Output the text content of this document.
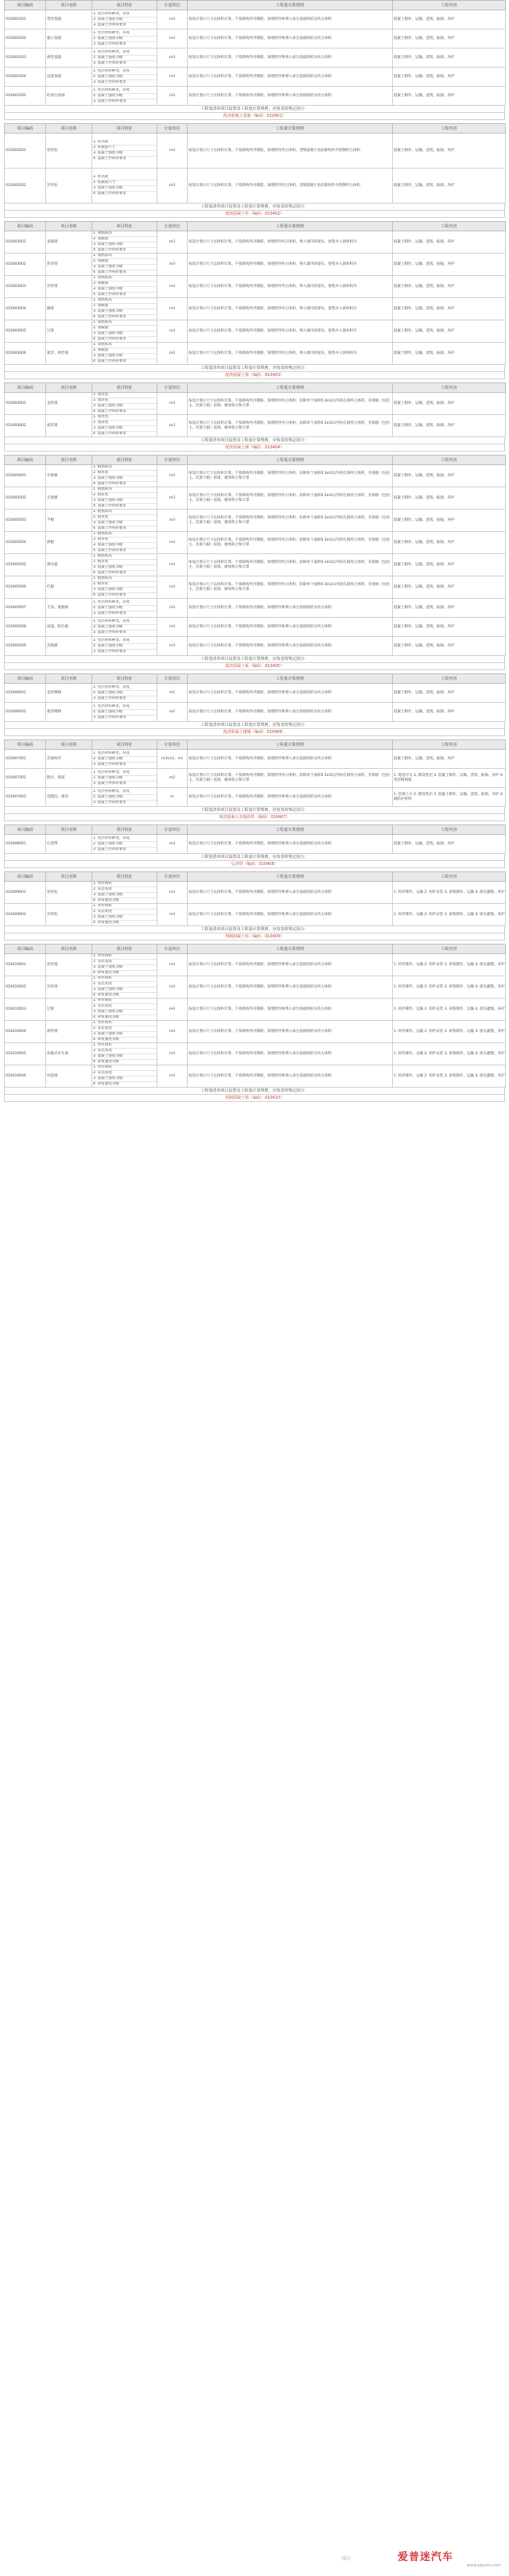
项目编码	项目名称	项目特征	计量单位	工程量计算规则	工程内容
010401001	带形基础	1. 垫层材料种类、厚度
2. 混凝土强度等级
3. 混凝土拌和料要求	m3	按设计图示尺寸以体积计算。不扣除构件内钢筋、预埋铁件和伸入承台基础的桩头所占体积	混凝土制作、运输、浇筑、振捣、养护

010401002	独立基础	1. 垫层材料种类、厚度
2. 混凝土强度等级
3. 混凝土拌和料要求	m3	按设计图示尺寸以体积计算。不扣除构件内钢筋、预埋铁件和伸入承台基础的桩头所占体积	混凝土制作、运输、浇筑、振捣、养护

010401003	满堂基础	1. 垫层材料种类、厚度
2. 混凝土强度等级
3. 混凝土拌和料要求	m3	按设计图示尺寸以体积计算。不扣除构件内钢筋、预埋铁件和伸入承台基础的桩头所占体积	混凝土制作、运输、浇筑、振捣、养护

010401004	设备基础	1. 垫层材料种类、厚度
2. 混凝土强度等级
3. 混凝土拌和料要求	m3	按设计图示尺寸以体积计算。不扣除构件内钢筋、预埋铁件和伸入承台基础的桩头所占体积	混凝土制作、运输、浇筑、振捣、养护

010401005	桩承台基础	1. 垫层材料种类、厚度
2. 混凝土强度等级
3. 混凝土拌和料要求	m3	按设计图示尺寸以体积计算。不扣除构件内钢筋、预埋铁件和伸入承台基础的桩头所占体积	混凝土制作、运输、浇筑、振捣、养护
工程量清单项目设置及工程量计算规则，应按表的规定执行：
现浇混凝土基础（编码：010401）
项目编码	项目名称	项目特征	计量单位	工程量计算规则	工程内容
010402001	矩形柱	1. 柱高度
2. 柱截面尺寸
3. 混凝土强度等级
4. 混凝土拌和料要求	m3	按设计图示尺寸以体积计算。不扣除构件内钢筋、预埋铁件所占体积。型钢混凝土柱扣除构件内型钢所占体积	混凝土制作、运输、浇筑、振捣、养护

010402002	异形柱	1. 柱高度
2. 柱截面尺寸
3. 混凝土强度等级
4. 混凝土拌和料要求	m3	按设计图示尺寸以体积计算。不扣除构件内钢筋、预埋铁件所占体积。型钢混凝土柱扣除构件内型钢所占体积	混凝土制作、运输、浇筑、振捣、养护
工程量清单项目设置及工程量计算规则，应按表的规定执行：
现浇混凝土柱（编码：010402）
项目编码	项目名称	项目特征	计量单位	工程量计算规则	工程内容
010403001	基础梁	1. 梁底标高
2. 梁截面
3. 混凝土强度等级
4. 混凝土拌和料要求	m3	按设计图示尺寸以体积计算。不扣除构件内钢筋、预埋铁件所占体积，伸入墙内的梁头、梁垫并入梁体积内	混凝土制作、运输、浇筑、振捣、养护

010403002	矩形梁	1. 梁底标高
2. 梁截面
3. 混凝土强度等级
4. 混凝土拌和料要求	m3	按设计图示尺寸以体积计算。不扣除构件内钢筋、预埋铁件所占体积，伸入墙内的梁头、梁垫并入梁体积内	混凝土制作、运输、浇筑、振捣、养护

010403003	异形梁	1. 梁底标高
2. 梁截面
3. 混凝土强度等级
4. 混凝土拌和料要求	m3	按设计图示尺寸以体积计算。不扣除构件内钢筋、预埋铁件所占体积，伸入墙内的梁头、梁垫并入梁体积内	混凝土制作、运输、浇筑、振捣、养护

010403004	圈梁	1. 梁底标高
2. 梁截面
3. 混凝土强度等级
4. 混凝土拌和料要求	m3	按设计图示尺寸以体积计算。不扣除构件内钢筋、预埋铁件所占体积，伸入墙内的梁头、梁垫并入梁体积内	混凝土制作、运输、浇筑、振捣、养护

010403005	过梁	1. 梁底标高
2. 梁截面
3. 混凝土强度等级
4. 混凝土拌和料要求	m3	按设计图示尺寸以体积计算。不扣除构件内钢筋、预埋铁件所占体积，伸入墙内的梁头、梁垫并入梁体积内	混凝土制作、运输、浇筑、振捣、养护

010403006	弧形、拱形梁	1. 梁底标高
2. 梁截面
3. 混凝土强度等级
4. 混凝土拌和料要求	m3	按设计图示尺寸以体积计算。不扣除构件内钢筋、预埋铁件所占体积，伸入墙内的梁头、梁垫并入梁体积内	混凝土制作、运输、浇筑、振捣、养护
工程量清单项目设置及工程量计算规则，应按表的规定执行：
现浇混凝土梁（编码：010403）
项目编码	项目名称	项目特征	计量单位	工程量计算规则	工程内容
010404001	直形墙	1. 墙类型
2. 墙厚度
3. 混凝土强度等级
4. 混凝土拌和料要求	m3	按设计图示尺寸以体积计算。不扣除构件内钢筋、预埋铁件所占体积；扣除单个面积0.3m2以外的孔洞所占体积，有梁板（包括主、次梁与板）按梁、板体积之和计算	混凝土制作、运输、浇筑、振捣、养护

010404002	弧形墙	1. 墙类型
2. 墙厚度
3. 混凝土强度等级
4. 混凝土拌和料要求	m3	按设计图示尺寸以体积计算。不扣除构件内钢筋、预埋铁件所占体积；扣除单个面积0.3m2以外的孔洞所占体积，有梁板（包括主、次梁与板）按梁、板体积之和计算	混凝土制作、运输、浇筑、振捣、养护
工程量清单项目设置及工程量计算规则，应按表的规定执行：
现浇混凝土墙（编码：010404）
项目编码	项目名称	项目特征	计量单位	工程量计算规则	工程内容
010405001	有梁板	1. 板底标高
2. 板厚度
3. 混凝土强度等级
4. 混凝土拌和料要求	m3	按设计图示尺寸以体积计算。不扣除构件内钢筋、预埋铁件所占体积；扣除单个面积0.3m2以外的孔洞所占体积，有梁板（包括主、次梁与板）按梁、板体积之和计算	混凝土制作、运输、浇筑、振捣、养护

010405002	无梁板	1. 板底标高
2. 板厚度
3. 混凝土强度等级
4. 混凝土拌和料要求	m3	按设计图示尺寸以体积计算。不扣除构件内钢筋、预埋铁件所占体积；扣除单个面积0.3m2以外的孔洞所占体积，有梁板（包括主、次梁与板）按梁、板体积之和计算	混凝土制作、运输、浇筑、振捣、养护

010405003	平板	1. 板底标高
2. 板厚度
3. 混凝土强度等级
4. 混凝土拌和料要求	m3	按设计图示尺寸以体积计算。不扣除构件内钢筋、预埋铁件所占体积；扣除单个面积0.3m2以外的孔洞所占体积，有梁板（包括主、次梁与板）按梁、板体积之和计算	混凝土制作、运输、浇筑、振捣、养护

010405004	拱板	1. 板底标高
2. 板厚度
3. 混凝土强度等级
4. 混凝土拌和料要求	m3	按设计图示尺寸以体积计算。不扣除构件内钢筋、预埋铁件所占体积；扣除单个面积0.3m2以外的孔洞所占体积，有梁板（包括主、次梁与板）按梁、板体积之和计算	混凝土制作、运输、浇筑、振捣、养护

010405005	薄壳板	1. 板底标高
2. 板厚度
3. 混凝土强度等级
4. 混凝土拌和料要求	m3	按设计图示尺寸以体积计算。不扣除构件内钢筋、预埋铁件所占体积；扣除单个面积0.3m2以外的孔洞所占体积，有梁板（包括主、次梁与板）按梁、板体积之和计算	混凝土制作、运输、浇筑、振捣、养护

010405006	栏板	1. 板底标高
2. 板厚度
3. 混凝土强度等级
4. 混凝土拌和料要求	m3	按设计图示尺寸以体积计算。不扣除构件内钢筋、预埋铁件所占体积；扣除单个面积0.3m2以外的孔洞所占体积，有梁板（包括主、次梁与板）按梁、板体积之和计算	混凝土制作、运输、浇筑、振捣、养护

010405007	天沟、挑檐板	1. 垫层材料种类、厚度
2. 混凝土强度等级
3. 混凝土拌和料要求	m3	按设计图示尺寸以体积计算。不扣除构件内钢筋、预埋铁件和伸入承台基础的桩头所占体积	混凝土制作、运输、浇筑、振捣、养护

010405008	雨篷、阳台板	1. 垫层材料种类、厚度
2. 混凝土强度等级
3. 混凝土拌和料要求	m3	按设计图示尺寸以体积计算。不扣除构件内钢筋、预埋铁件和伸入承台基础的桩头所占体积	混凝土制作、运输、浇筑、振捣、养护

010405009	其他板	1. 垫层材料种类、厚度
2. 混凝土强度等级
3. 混凝土拌和料要求	m3	按设计图示尺寸以体积计算。不扣除构件内钢筋、预埋铁件和伸入承台基础的桩头所占体积	混凝土制作、运输、浇筑、振捣、养护
工程量清单项目设置及工程量计算规则，应按表的规定执行：
现浇混凝土板（编码：010405）
项目编码	项目名称	项目特征	计量单位	工程量计算规则	工程内容
010406001	直形楼梯	1. 垫层材料种类、厚度
2. 混凝土强度等级
3. 混凝土拌和料要求	m2	按设计图示尺寸以体积计算。不扣除构件内钢筋、预埋铁件和伸入承台基础的桩头所占体积	混凝土制作、运输、浇筑、振捣、养护

010406002	弧形楼梯	1. 垫层材料种类、厚度
2. 混凝土强度等级
3. 混凝土拌和料要求	m2	按设计图示尺寸以体积计算。不扣除构件内钢筋、预埋铁件和伸入承台基础的桩头所占体积	混凝土制作、运输、浇筑、振捣、养护
工程量清单项目设置及工程量计算规则，应按表的规定执行：
现浇混凝土楼梯（编码：010406）
项目编码	项目名称	项目特征	计量单位	工程量计算规则	工程内容
010407001	其他构件	1. 垫层材料种类、厚度
2. 混凝土强度等级
3. 混凝土拌和料要求	m3(m2、m)	按设计图示尺寸以体积计算。不扣除构件内钢筋、预埋铁件和伸入承台基础的桩头所占体积	混凝土制作、运输、浇筑、振捣、养护

010407002	散水、坡道	1. 垫层材料种类、厚度
2. 混凝土强度等级
3. 混凝土拌和料要求	m2	按设计图示尺寸以体积计算。不扣除构件内钢筋、预埋铁件所占体积；扣除单个面积0.3m2以外的孔洞所占体积，有梁板（包括主、次梁与板）按梁、板体积之和计算	1. 地基夯实 2. 铺设垫层 3. 混凝土制作、运输、浇筑、振捣、养护 4. 变形缝填塞

010407003	电缆沟、地沟	1. 垫层材料种类、厚度
2. 混凝土强度等级
3. 混凝土拌和料要求	m	按设计图示尺寸以体积计算。不扣除构件内钢筋、预埋铁件和伸入承台基础的桩头所占体积	1. 挖填土方 2. 铺设垫层 3. 混凝土制作、运输、浇筑、振捣、养护 4. 刷防护材料
工程量清单项目设置及工程量计算规则，应按表的规定执行：
现浇混凝土其他构件（编码：010407）
项目编码	项目名称	项目特征	计量单位	工程量计算规则	工程内容
010408001	后浇带	1. 垫层材料种类、厚度
2. 混凝土强度等级
3. 混凝土拌和料要求	m3	按设计图示尺寸以体积计算。不扣除构件内钢筋、预埋铁件和伸入承台基础的桩头所占体积	混凝土制作、运输、浇筑、振捣、养护
工程量清单项目设置及工程量计算规则，应按表的规定执行：
后浇带（编码：010408）
项目编码	项目名称	项目特征	计量单位	工程量计算规则	工程内容
010409001	矩形柱	1. 单件体积
2. 安装高度
3. 混凝土强度等级
4. 砂浆强度等级	m3	按设计图示尺寸以体积计算。不扣除构件内钢筋、预埋铁件和伸入承台基础的桩头所占体积	1. 构件制作、运输 2. 构件安装 3. 砂浆制作、运输 4. 接头灌缝、养护

010409002	异形柱	1. 单件体积
2. 安装高度
3. 混凝土强度等级
4. 砂浆强度等级	m3	按设计图示尺寸以体积计算。不扣除构件内钢筋、预埋铁件和伸入承台基础的桩头所占体积	1. 构件制作、运输 2. 构件安装 3. 砂浆制作、运输 4. 接头灌缝、养护
工程量清单项目设置及工程量计算规则，应按表的规定执行：
预制混凝土柱（编码：010409）
项目编码	项目名称	项目特征	计量单位	工程量计算规则	工程内容
010410001	矩形梁	1. 单件体积
2. 安装高度
3. 混凝土强度等级
4. 砂浆强度等级	m3	按设计图示尺寸以体积计算。不扣除构件内钢筋、预埋铁件和伸入承台基础的桩头所占体积	1. 构件制作、运输 2. 构件安装 3. 砂浆制作、运输 4. 接头灌缝、养护

010410002	异形梁	1. 单件体积
2. 安装高度
3. 混凝土强度等级
4. 砂浆强度等级	m3	按设计图示尺寸以体积计算。不扣除构件内钢筋、预埋铁件和伸入承台基础的桩头所占体积	1. 构件制作、运输 2. 构件安装 3. 砂浆制作、运输 4. 接头灌缝、养护

010410003	过梁	1. 单件体积
2. 安装高度
3. 混凝土强度等级
4. 砂浆强度等级	m3	按设计图示尺寸以体积计算。不扣除构件内钢筋、预埋铁件和伸入承台基础的桩头所占体积	1. 构件制作、运输 2. 构件安装 3. 砂浆制作、运输 4. 接头灌缝、养护

010410004	拱形梁	1. 单件体积
2. 安装高度
3. 混凝土强度等级
4. 砂浆强度等级	m3	按设计图示尺寸以体积计算。不扣除构件内钢筋、预埋铁件和伸入承台基础的桩头所占体积	1. 构件制作、运输 2. 构件安装 3. 砂浆制作、运输 4. 接头灌缝、养护

010410005	鱼腹式吊车梁	1. 单件体积
2. 安装高度
3. 混凝土强度等级
4. 砂浆强度等级	m3	按设计图示尺寸以体积计算。不扣除构件内钢筋、预埋铁件和伸入承台基础的桩头所占体积	1. 构件制作、运输 2. 构件安装 3. 砂浆制作、运输 4. 接头灌缝、养护

010410006	风道梁	1. 单件体积
2. 安装高度
3. 混凝土强度等级
4. 砂浆强度等级	m3	按设计图示尺寸以体积计算。不扣除构件内钢筋、预埋铁件和伸入承台基础的桩头所占体积	1. 构件制作、运输 2. 构件安装 3. 砂浆制作、运输 4. 接头灌缝、养护
工程量清单项目设置及工程量计算规则，应按表的规定执行：
预制混凝土梁（编码：010410）
图片	爱普迷汽车
www.aipumi.com
